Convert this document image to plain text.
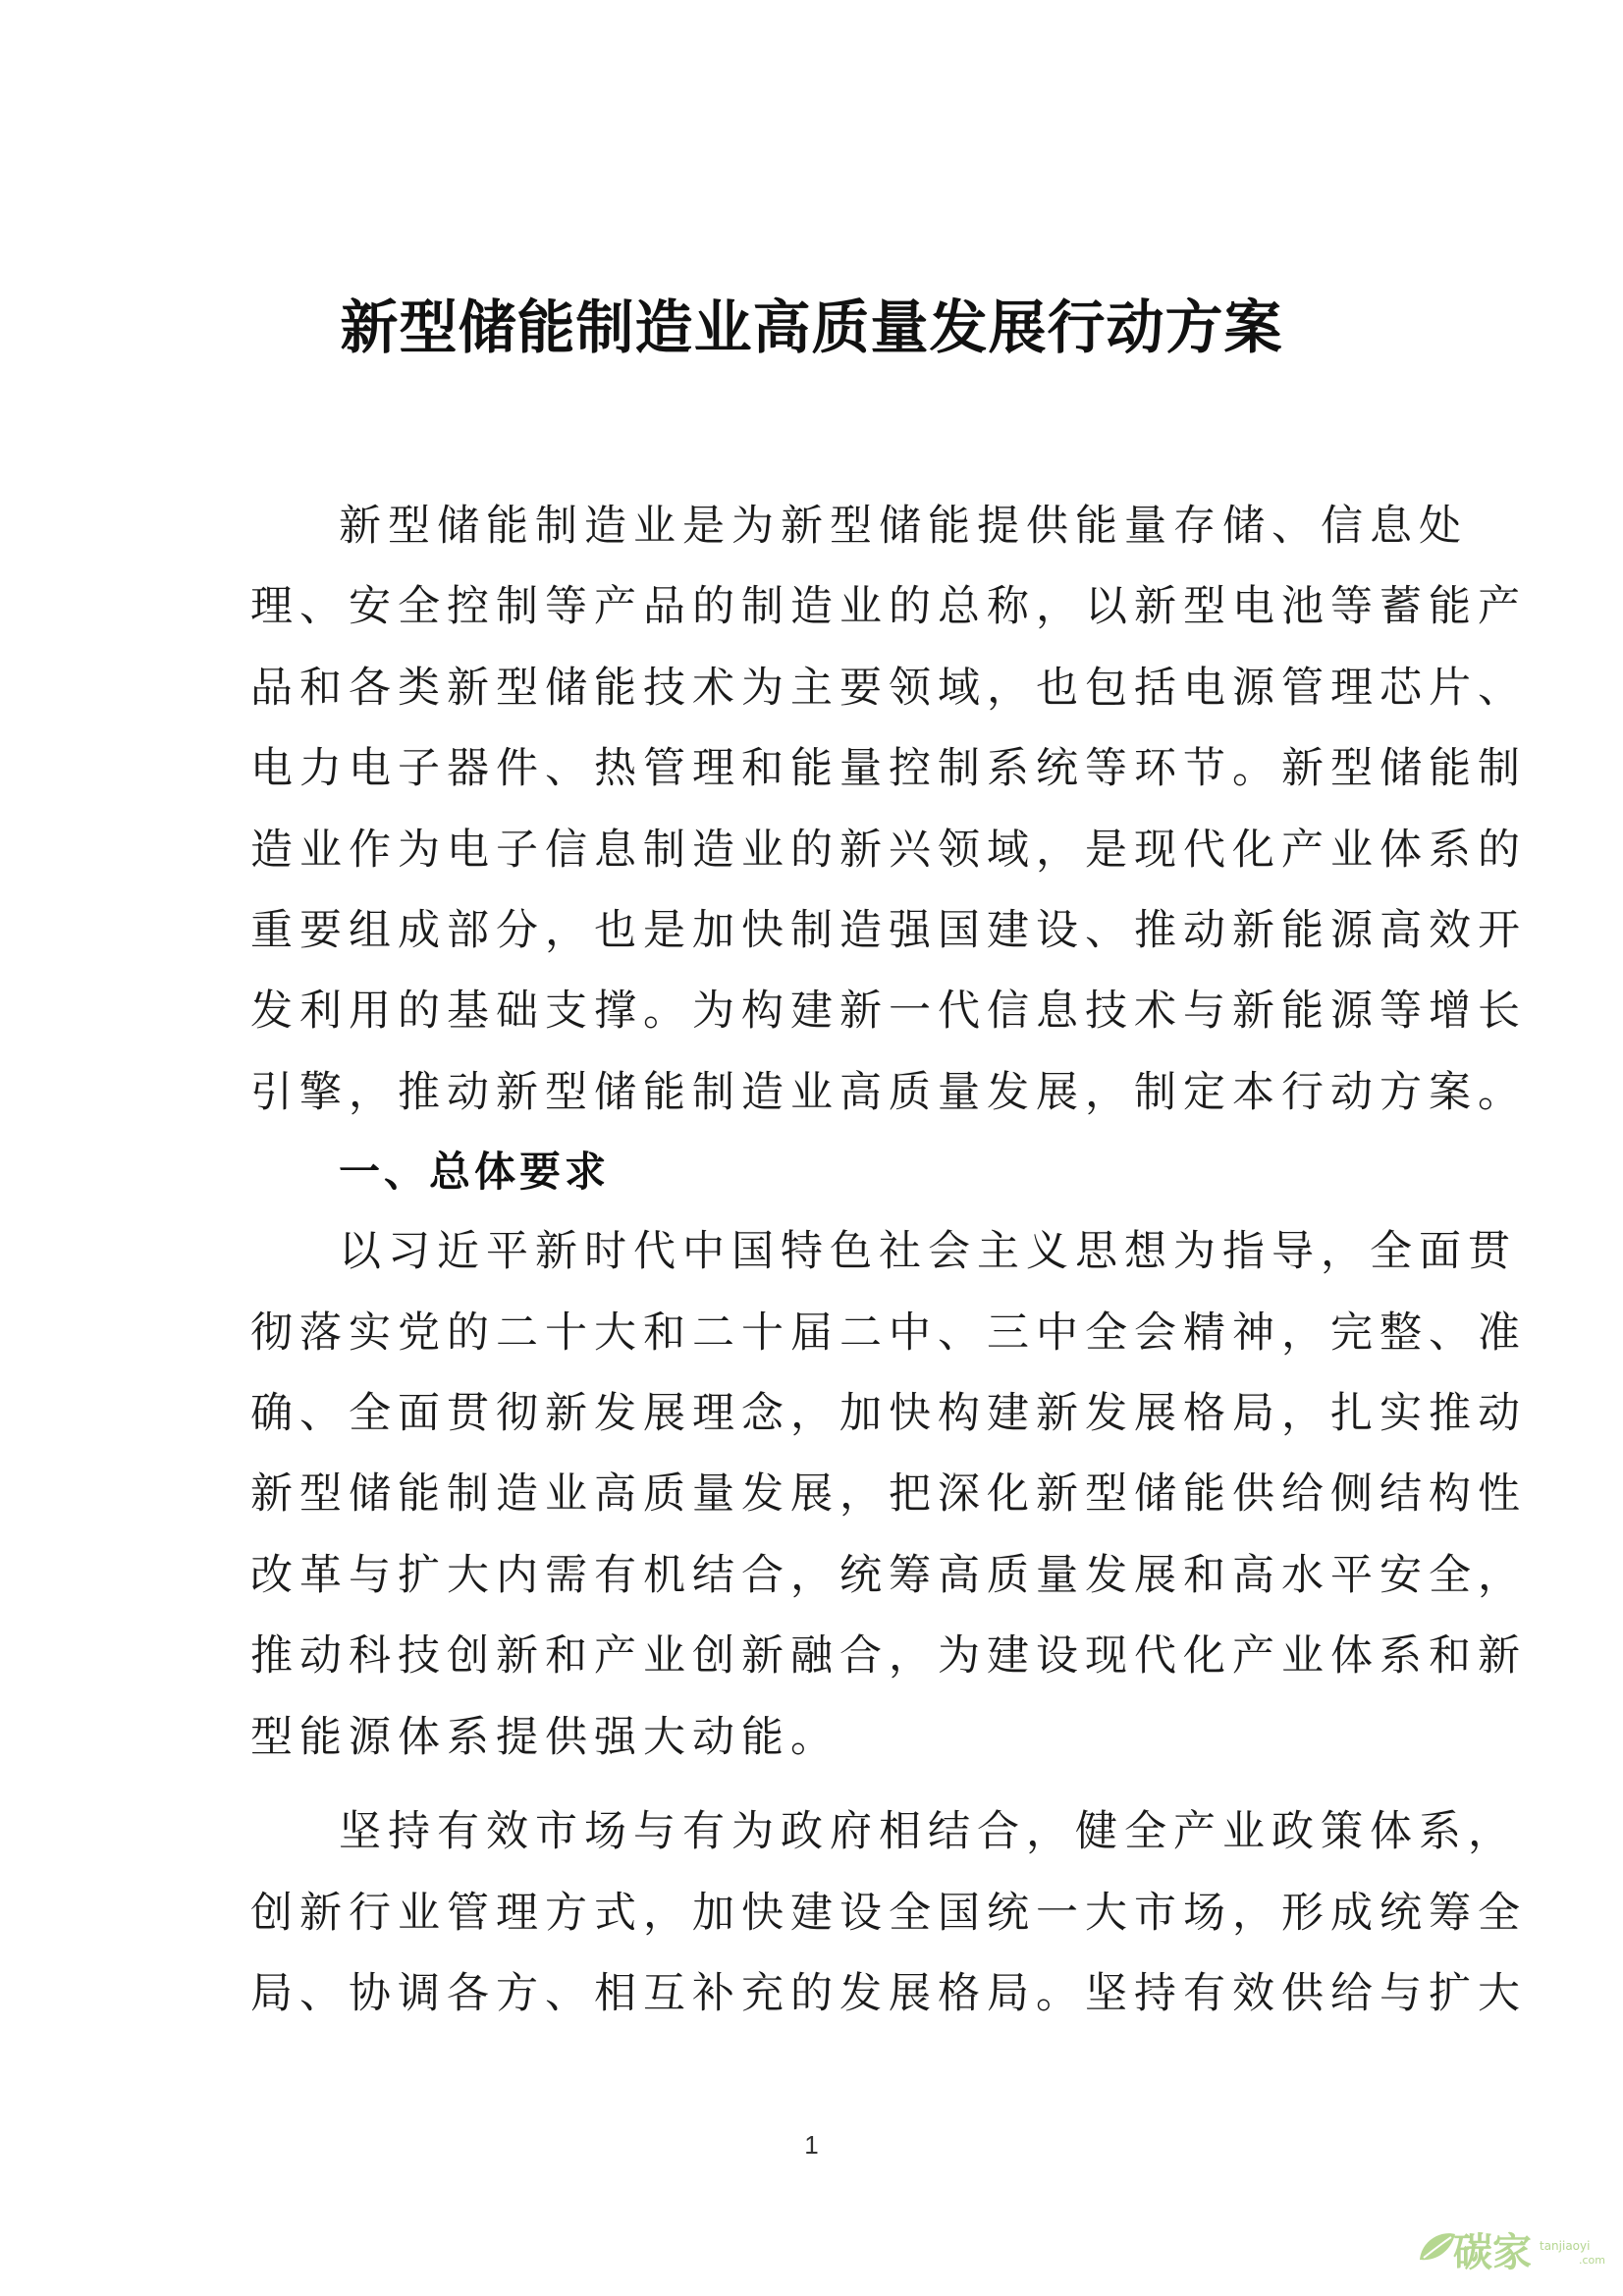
新型储能制造业高质量发展行动方案

新型储能制造业是为新型储能提供能量存储、信息处
理、安全控制等产品的制造业的总称，以新型电池等蓄能产
品和各类新型储能技术为主要领域，也包括电源管理芯片、
电力电子器件、热管理和能量控制系统等环节。新型储能制
造业作为电子信息制造业的新兴领域，是现代化产业体系的
重要组成部分，也是加快制造强国建设、推动新能源高效开
发利用的基础支撑。为构建新一代信息技术与新能源等增长
引擎，推动新型储能制造业高质量发展，制定本行动方案。

一、总体要求

以习近平新时代中国特色社会主义思想为指导，全面贯
彻落实党的二十大和二十届二中、三中全会精神，完整、准
确、全面贯彻新发展理念，加快构建新发展格局，扎实推动
新型储能制造业高质量发展，把深化新型储能供给侧结构性
改革与扩大内需有机结合，统筹高质量发展和高水平安全，
推动科技创新和产业创新融合，为建设现代化产业体系和新
型能源体系提供强大动能。

坚持有效市场与有为政府相结合，健全产业政策体系，
创新行业管理方式，加快建设全国统一大市场，形成统筹全
局、协调各方、相互补充的发展格局。坚持有效供给与扩大

1
碳家 tanjiaoyi
.com
